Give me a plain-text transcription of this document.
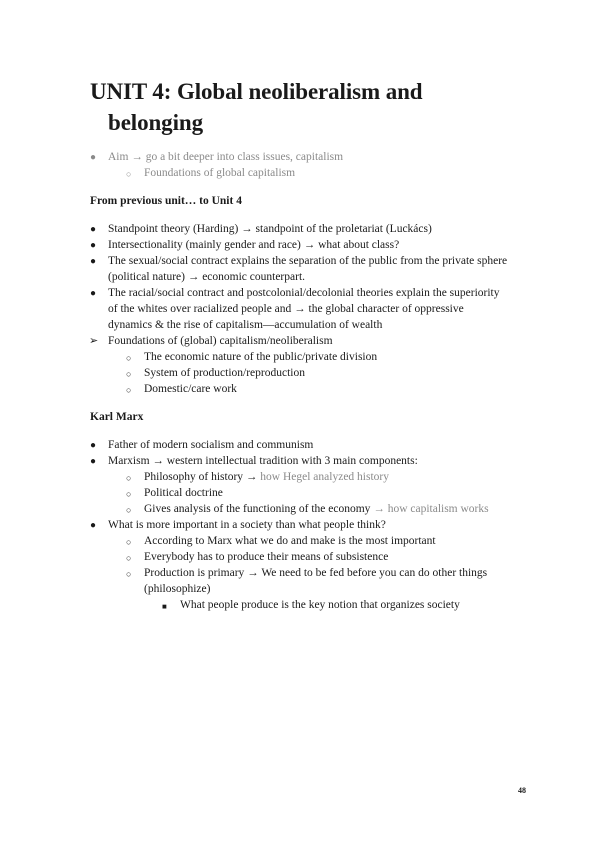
UNIT 4: Global neoliberalism and
belonging
● Aim → go a bit deeper into class issues, capitalism
○ Foundations of global capitalism
From previous unit… to Unit 4
● Standpoint theory (Harding) → standpoint of the proletariat (Luckács)
● Intersectionality (mainly gender and race) → what about class?
● The sexual/social contract explains the separation of the public from the private sphere
(political nature) → economic counterpart.
● The racial/social contract and postcolonial/decolonial theories explain the superiority
of the whites over racialized people and → the global character of oppressive
dynamics & the rise of capitalism—accumulation of wealth
➢ Foundations of (global) capitalism/neoliberalism
○ The economic nature of the public/private division
○ System of production/reproduction
○ Domestic/care work
Karl Marx
● Father of modern socialism and communism
● Marxism → western intellectual tradition with 3 main components:
○ Philosophy of history → how Hegel analyzed history
○ Political doctrine
○ Gives analysis of the functioning of the economy → how capitalism works
● What is more important in a society than what people think?
○ According to Marx what we do and make is the most important
○ Everybody has to produce their means of subsistence
○ Production is primary → We need to be fed before you can do other things
(philosophize)
■ What people produce is the key notion that organizes society
48
